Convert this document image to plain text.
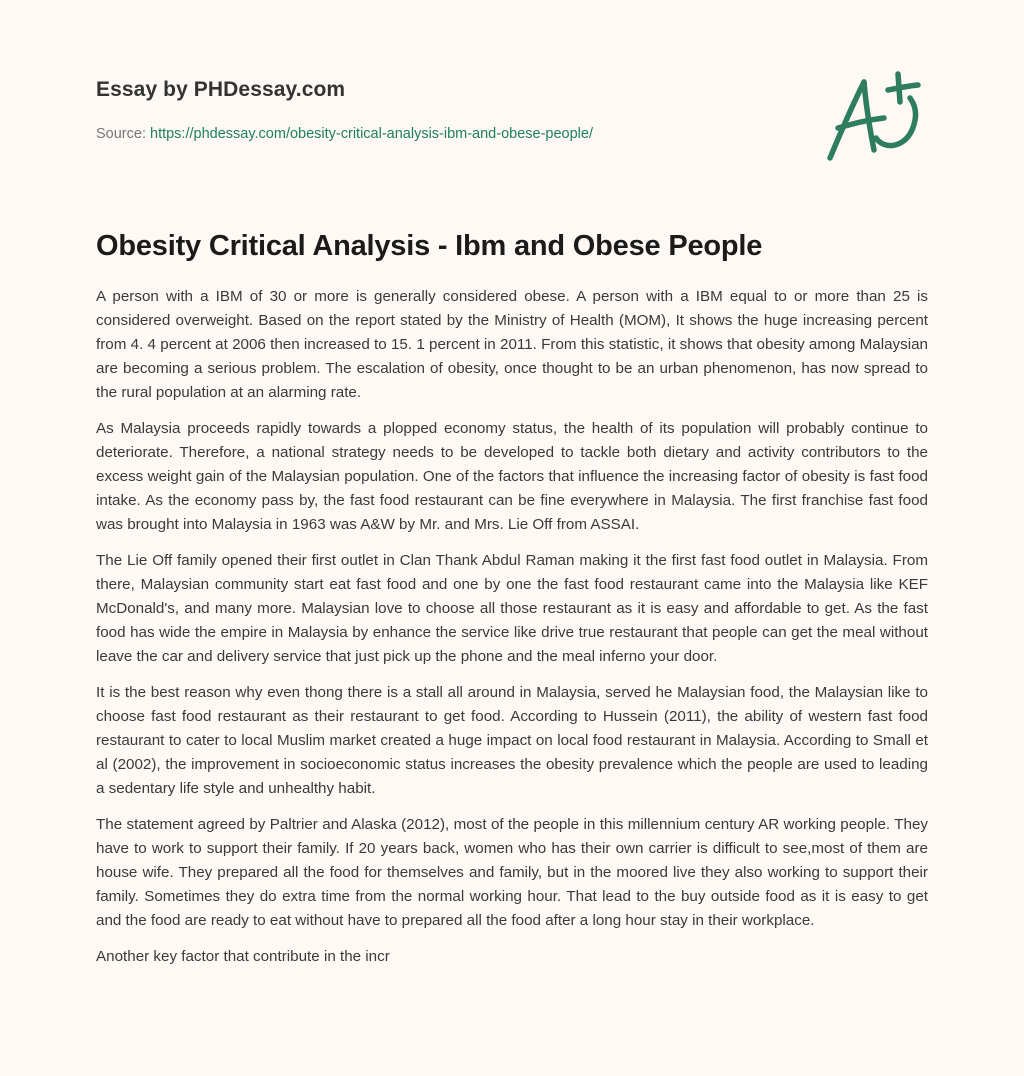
Essay by PHDessay.com
Source: https://phdessay.com/obesity-critical-analysis-ibm-and-obese-people/
Obesity Critical Analysis - Ibm and Obese People

A person with a IBM of 30 or more is generally considered obese. A person with a IBM equal to or more than 25 is considered overweight. Based on the report stated by the Ministry of Health (MOM), It shows the huge increasing percent from 4. 4 percent at 2006 then increased to 15. 1 percent in 2011. From this statistic, it shows that obesity among Malaysian are becoming a serious problem. The escalation of obesity, once thought to be an urban phenomenon, has now spread to the rural population at an alarming rate.

As Malaysia proceeds rapidly towards a plopped economy status, the health of its population will probably continue to deteriorate. Therefore, a national strategy needs to be developed to tackle both dietary and activity contributors to the excess weight gain of the Malaysian population. One of the factors that influence the increasing factor of obesity is fast food intake. As the economy pass by, the fast food restaurant can be fine everywhere in Malaysia. The first franchise fast food was brought into Malaysia in 1963 was A&W by Mr. and Mrs. Lie Off from ASSAI.

The Lie Off family opened their first outlet in Clan Thank Abdul Raman making it the first fast food outlet in Malaysia. From there, Malaysian community start eat fast food and one by one the fast food restaurant came into the Malaysia like KEF McDonald's, and many more. Malaysian love to choose all those restaurant as it is easy and affordable to get. As the fast food has wide the empire in Malaysia by enhance the service like drive true restaurant that people can get the meal without leave the car and delivery service that just pick up the phone and the meal inferno your door.

It is the best reason why even thong there is a stall all around in Malaysia, served he Malaysian food, the Malaysian like to choose fast food restaurant as their restaurant to get food. According to Hussein (2011), the ability of western fast food restaurant to cater to local Muslim market created a huge impact on local food restaurant in Malaysia. According to Small et al (2002), the improvement in socioeconomic status increases the obesity prevalence which the people are used to leading a sedentary life style and unhealthy habit.

The statement agreed by Paltrier and Alaska (2012), most of the people in this millennium century AR working people. They have to work to support their family. If 20 years back, women who has their own carrier is difficult to see,most of them are house wife. They prepared all the food for themselves and family, but in the moored live they also working to support their family. Sometimes they do extra time from the normal working hour. That lead to the buy outside food as it is easy to get and the food are ready to eat without have to prepared all the food after a long hour stay in their workplace.

Another key factor that contribute in the incr
